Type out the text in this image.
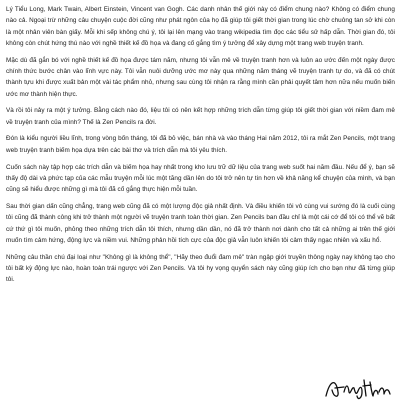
Lý Tiểu Long, Mark Twain, Albert Einstein, Vincent van Gogh. Các danh nhân thế giới này có điểm chung nào? Không có điểm chung nào cả. Ngoại trừ những câu chuyện cuộc đời cũng như phát ngôn của họ đã giúp tôi giết thời gian trong lúc chờ chuông tan sở khi còn là một nhân viên bàn giấy. Mỗi khi sếp không chú ý, tôi lại lên mạng vào trang wikipedia tìm đọc các tiểu sử hấp dẫn. Thời gian đó, tôi không còn chút hứng thú nào với nghề thiết kế đồ họa và đang cố gắng tìm ý tưởng để xây dựng một trang web truyện tranh.

Mặc dù đã gắn bó với nghề thiết kế đồ họa được tám năm, nhưng tôi vẫn mê về truyện tranh hơn và luôn ao ước đến một ngày được chính thức bước chân vào lĩnh vực này. Tôi vẫn nuôi dưỡng ước mơ này qua những năm tháng vẽ truyện tranh tự do, và đã có chút thành tựu khi được xuất bản một vài tác phẩm nhỏ, nhưng sau cùng tôi nhận ra rằng mình cần phải quyết tâm hơn nữa nếu muốn biến ước mơ thành hiện thực.

Và rồi tôi nảy ra một ý tưởng. Bằng cách nào đó, liệu tôi có nên kết hợp những trích dẫn từng giúp tôi giết thời gian với niềm đam mê về truyện tranh của mình? Thế là Zen Pencils ra đời.

Đón là kiểu người liều lĩnh, trong vòng bốn tháng, tôi đã bỏ việc, bán nhà và vào tháng Hai năm 2012, tôi ra mắt Zen Pencils, một trang web truyện tranh biếm họa dựa trên các bài thơ và trích dẫn mà tôi yêu thích.

Cuốn sách này tập hợp các trích dẫn và biếm họa hay nhất trong kho lưu trữ dữ liệu của trang web suốt hai năm đầu. Nếu để ý, bạn sẽ thấy độ dài và phức tạp của các mẫu truyện mỗi lúc một tăng dần lên do tôi trở nên tự tin hơn về khả năng kể chuyện của mình, và bạn cũng sẽ hiểu được những gì mà tôi đã cố gắng thực hiện mỗi tuần.

Sau thời gian dấn cũng chẳng, trang web cũng đã có một lượng độc giả nhất định. Và điều khiến tôi vô cùng vui sướng đó là cuối cùng tôi cũng đã thành công khi trở thành một người vẽ truyện tranh toàn thời gian. Zen Pencils ban đầu chỉ là một cái cớ để tôi có thể vẽ bất cứ thứ gì tôi muốn, phỏng theo những trích dẫn tôi thích, nhưng dần dần, nó đã trở thành nơi dành cho tất cả những ai trên thế giới muốn tìm cảm hứng, động lực và niềm vui. Những phản hồi tích cực của độc giả vẫn luôn khiến tôi cảm thấy ngạc nhiên và xấu hổ.

Những câu thần chú đại loại như "Không gì là không thể", "Hãy theo đuổi đam mê" tràn ngập giới truyền thông ngày nay không tạo cho tôi bất kỳ động lực nào, hoàn toàn trái ngược với Zen Pencils. Và tôi hy vọng quyển sách này cũng giúp ích cho bạn như đã từng giúp tôi.
